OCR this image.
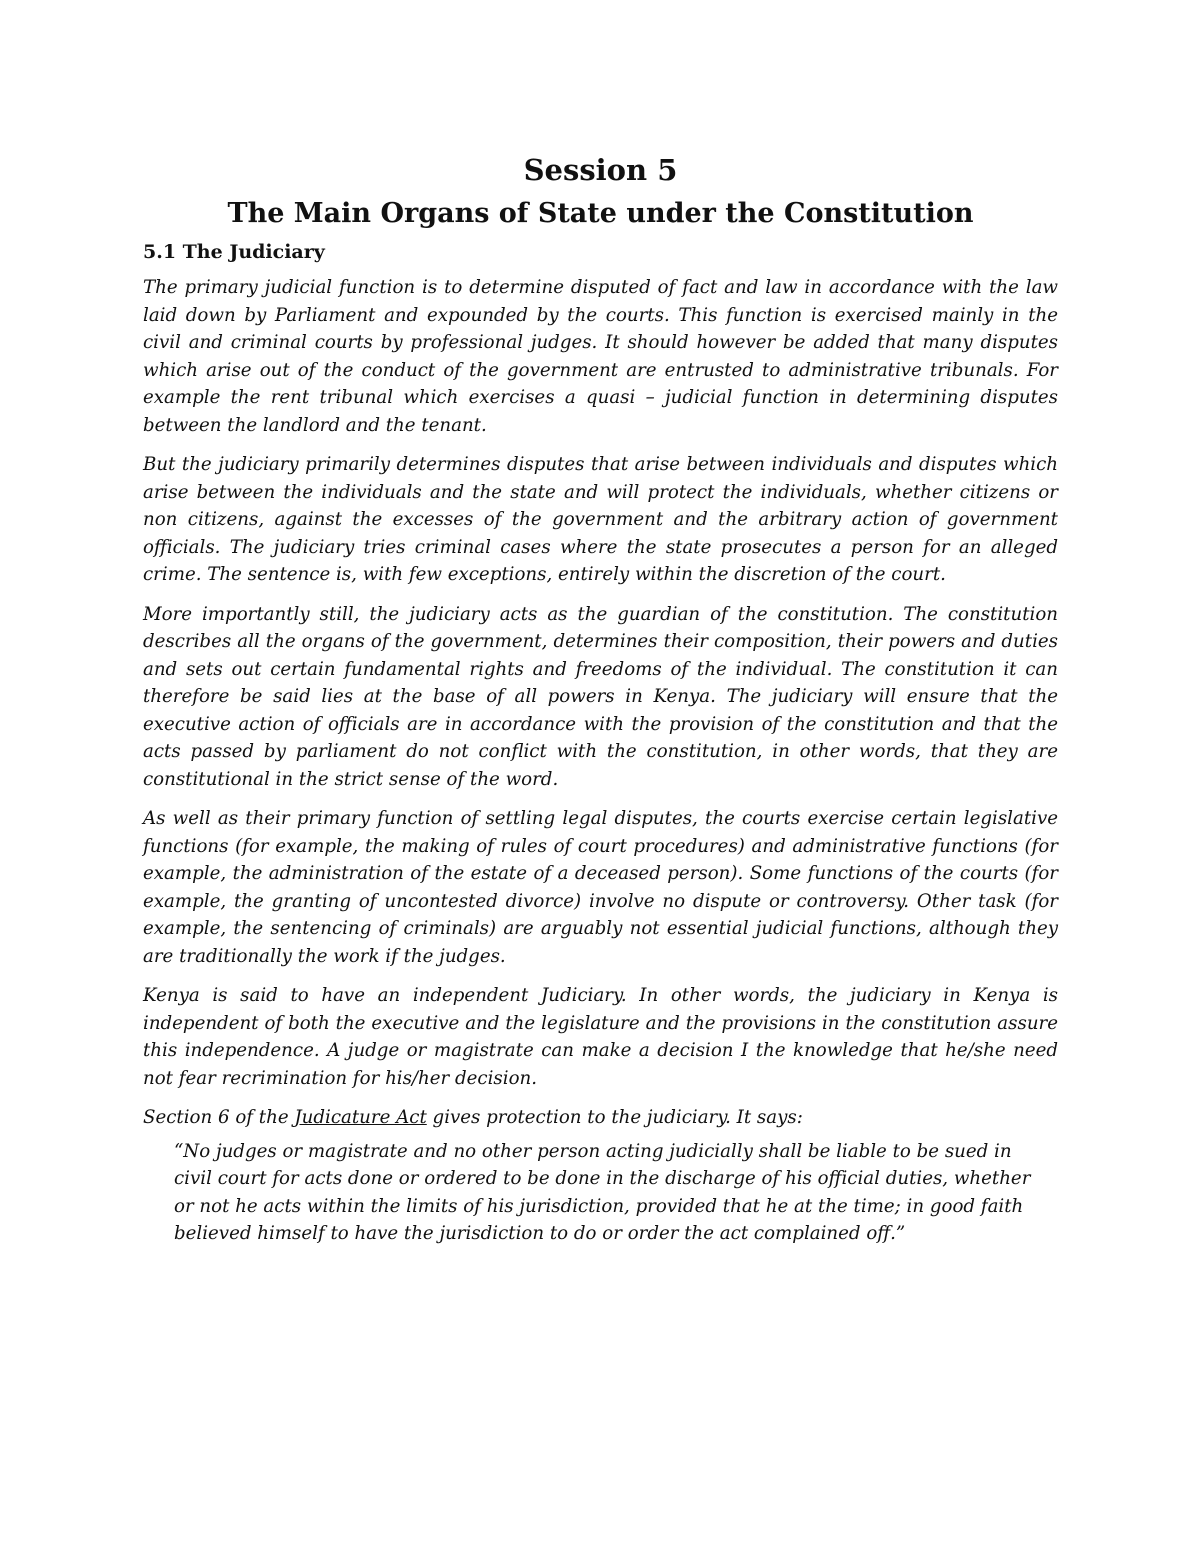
Session 5
The Main Organs of State under the Constitution
5.1 The Judiciary

The primary judicial function is to determine disputed of fact and law in accordance with the law laid down by Parliament and expounded by the courts. This function is exercised mainly in the civil and criminal courts by professional judges. It should however be added that many disputes which arise out of the conduct of the government are entrusted to administrative tribunals. For example the rent tribunal which exercises a quasi – judicial function in determining disputes between the landlord and the tenant.

But the judiciary primarily determines disputes that arise between individuals and disputes which arise between the individuals and the state and will protect the individuals, whether citizens or non citizens, against the excesses of the government and the arbitrary action of government officials. The judiciary tries criminal cases where the state prosecutes a person for an alleged crime. The sentence is, with few exceptions, entirely within the discretion of the court.

More importantly still, the judiciary acts as the guardian of the constitution. The constitution describes all the organs of the government, determines their composition, their powers and duties and sets out certain fundamental rights and freedoms of the individual. The constitution it can therefore be said lies at the base of all powers in Kenya. The judiciary will ensure that the executive action of officials are in accordance with the provision of the constitution and that the acts passed by parliament do not conflict with the constitution, in other words, that they are constitutional in the strict sense of the word.

As well as their primary function of settling legal disputes, the courts exercise certain legislative functions (for example, the making of rules of court procedures) and administrative functions (for example, the administration of the estate of a deceased person). Some functions of the courts (for example, the granting of uncontested divorce) involve no dispute or controversy. Other task (for example, the sentencing of criminals) are arguably not essential judicial functions, although they are traditionally the work if the judges.

Kenya is said to have an independent Judiciary. In other words, the judiciary in Kenya is independent of both the executive and the legislature and the provisions in the constitution assure this independence. A judge or magistrate can make a decision I the knowledge that he/she need not fear recrimination for his/her decision.

Section 6 of the Judicature Act gives protection to the judiciary. It says:

“No judges or magistrate and no other person acting judicially shall be liable to be sued in civil court for acts done or ordered to be done in the discharge of his official duties, whether or not he acts within the limits of his jurisdiction, provided that he at the time; in good faith believed himself to have the jurisdiction to do or order the act complained off.”
